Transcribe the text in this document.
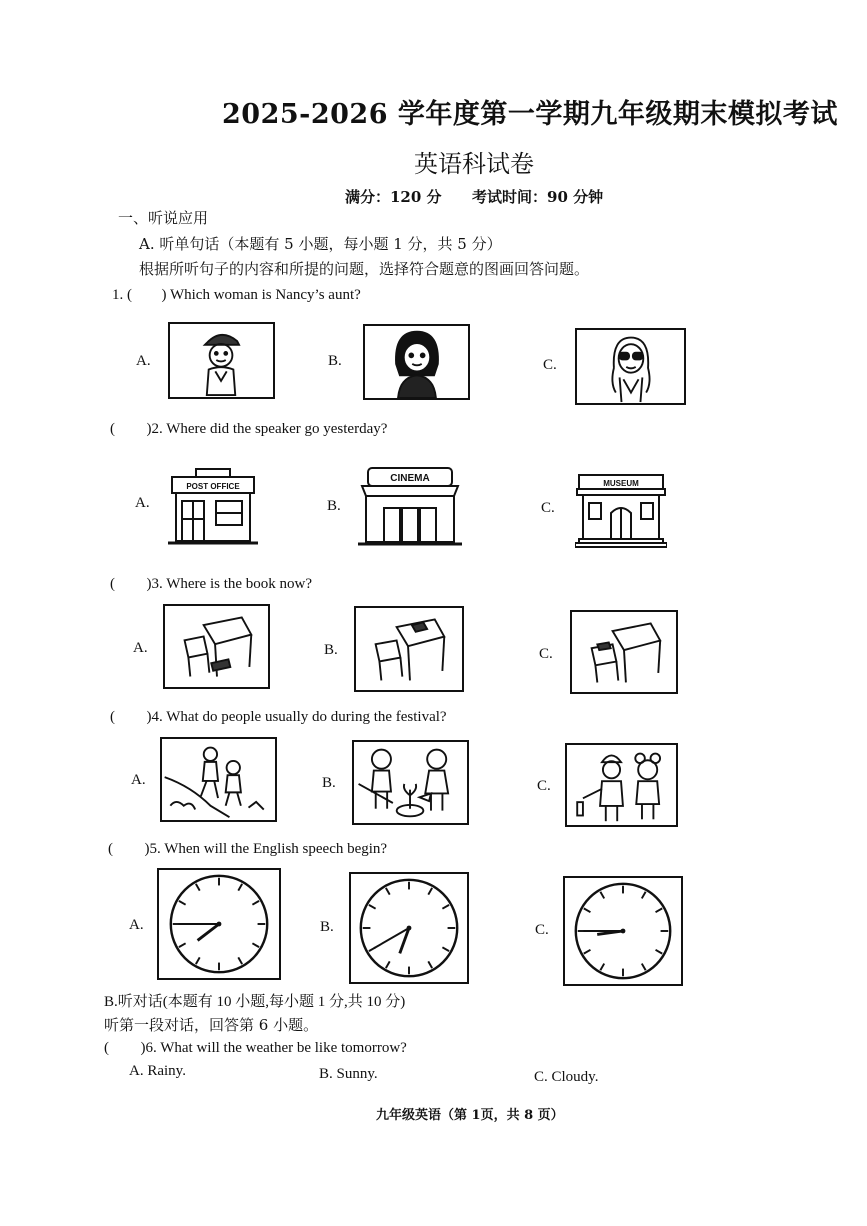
2025-2026 学年度第一学期九年级期末模拟考试
英语科试卷
满分：120 分 考试时间：90 分钟
一、听说应用
A. 听单句话（本题有 5 小题，每小题 1 分，共 5 分）
根据所听句子的内容和所提的问题，选择符合题意的图画回答问题。
1. ( ) Which woman is Nancy’s aunt?
A.	B.	C.
( )2. Where did the speaker go yesterday?
A.	B.	C.
POST OFFICE
CINEMA	MUSEUM
( )3. Where is the book now?
A.	B.	C.
( )4. What do people usually do during the festival?
A.	B.	C.
( )5. When will the English speech begin?
A.	B.	C.
B.听对话(本题有 10 小题,每小题 1 分,共 10 分)
听第一段对话，回答第 6 小题。
( )6. What will the weather be like tomorrow?
A. Rainy.	B. Sunny.	C. Cloudy.
九年级英语（第 1页，共 8 页）
